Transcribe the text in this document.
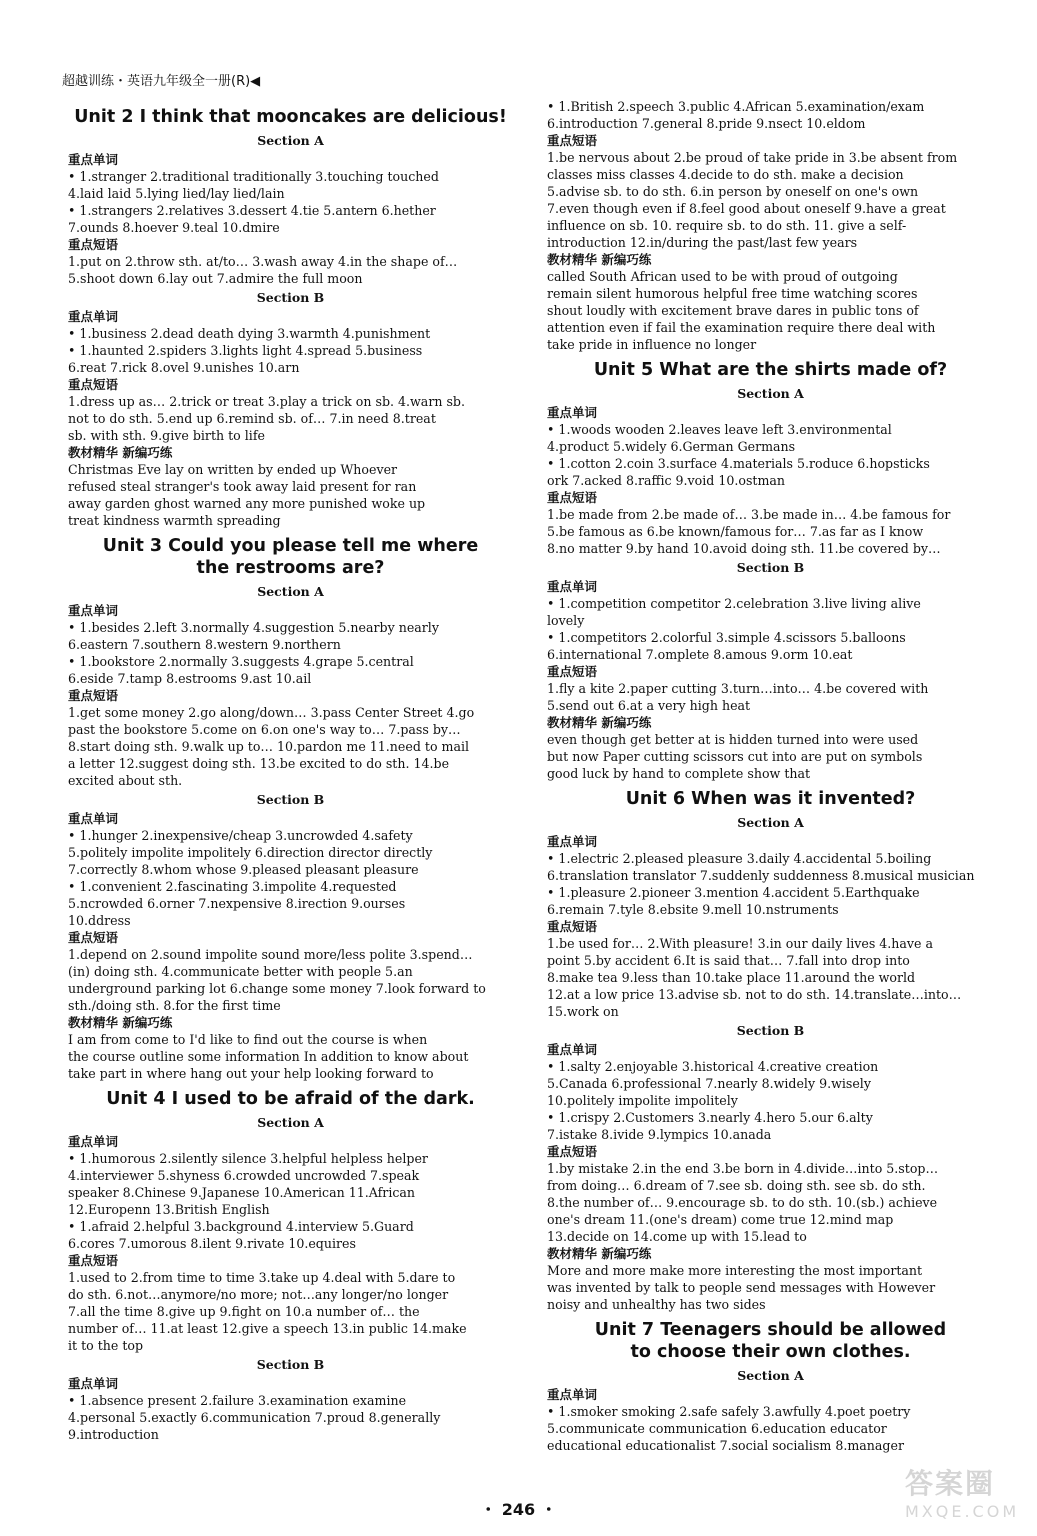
超越训练・英语九年级全一册(R)◀
Unit 2 I think that mooncakes are delicious!
Section A
重点单词
• 1.stranger 2.traditional traditionally 3.touching touched
4.laid laid 5.lying lied/lay lied/lain
• 1.strangers 2.relatives 3.dessert 4.tie 5.antern 6.hether
7.ounds 8.hoever 9.teal 10.dmire
重点短语
1.put on 2.throw sth. at/to… 3.wash away 4.in the shape of…
5.shoot down 6.lay out 7.admire the full moon
Section B
重点单词
• 1.business 2.dead death dying 3.warmth 4.punishment
• 1.haunted 2.spiders 3.lights light 4.spread 5.business
6.reat 7.rick 8.ovel 9.unishes 10.arn
重点短语
1.dress up as… 2.trick or treat 3.play a trick on sb. 4.warn sb.
not to do sth. 5.end up 6.remind sb. of… 7.in need 8.treat
sb. with sth. 9.give birth to life
教材精华 新编巧练
Christmas Eve lay on written by ended up Whoever
refused steal stranger's took away laid present for ran
away garden ghost warned any more punished woke up
treat kindness warmth spreading
Unit 3 Could you please tell me where
the restrooms are?
Section A
重点单词
• 1.besides 2.left 3.normally 4.suggestion 5.nearby nearly
6.eastern 7.southern 8.western 9.northern
• 1.bookstore 2.normally 3.suggests 4.grape 5.central
6.eside 7.tamp 8.estrooms 9.ast 10.ail
重点短语
1.get some money 2.go along/down… 3.pass Center Street 4.go
past the bookstore 5.come on 6.on one's way to… 7.pass by…
8.start doing sth. 9.walk up to… 10.pardon me 11.need to mail
a letter 12.suggest doing sth. 13.be excited to do sth. 14.be
excited about sth.
Section B
重点单词
• 1.hunger 2.inexpensive/cheap 3.uncrowded 4.safety
5.politely impolite impolitely 6.direction director directly
7.correctly 8.whom whose 9.pleased pleasant pleasure
• 1.convenient 2.fascinating 3.impolite 4.requested
5.ncrowded 6.orner 7.nexpensive 8.irection 9.ourses
10.ddress
重点短语
1.depend on 2.sound impolite sound more/less polite 3.spend…
(in) doing sth. 4.communicate better with people 5.an
underground parking lot 6.change some money 7.look forward to
sth./doing sth. 8.for the first time
教材精华 新编巧练
I am from come to I'd like to find out the course is when
the course outline some information In addition to know about
take part in where hang out your help looking forward to
Unit 4 I used to be afraid of the dark.
Section A
重点单词
• 1.humorous 2.silently silence 3.helpful helpless helper
4.interviewer 5.shyness 6.crowded uncrowded 7.speak
speaker 8.Chinese 9.Japanese 10.American 11.African
12.Europenn 13.British English
• 1.afraid 2.helpful 3.background 4.interview 5.Guard
6.cores 7.umorous 8.ilent 9.rivate 10.equires
重点短语
1.used to 2.from time to time 3.take up 4.deal with 5.dare to
do sth. 6.not…anymore/no more; not…any longer/no longer
7.all the time 8.give up 9.fight on 10.a number of… the
number of… 11.at least 12.give a speech 13.in public 14.make
it to the top
Section B
重点单词
• 1.absence present 2.failure 3.examination examine
4.personal 5.exactly 6.communication 7.proud 8.generally
9.introduction
• 1.British 2.speech 3.public 4.African 5.examination/exam
6.introduction 7.general 8.pride 9.nsect 10.eldom
重点短语
1.be nervous about 2.be proud of take pride in 3.be absent from
classes miss classes 4.decide to do sth. make a decision
5.advise sb. to do sth. 6.in person by oneself on one's own
7.even though even if 8.feel good about oneself 9.have a great
influence on sb. 10. require sb. to do sth. 11. give a self-
introduction 12.in/during the past/last few years
教材精华 新编巧练
called South African used to be with proud of outgoing
remain silent humorous helpful free time watching scores
shout loudly with excitement brave dares in public tons of
attention even if fail the examination require there deal with
take pride in influence no longer
Unit 5 What are the shirts made of?
Section A
重点单词
• 1.woods wooden 2.leaves leave left 3.environmental
4.product 5.widely 6.German Germans
• 1.cotton 2.coin 3.surface 4.materials 5.roduce 6.hopsticks
ork 7.acked 8.raffic 9.void 10.ostman
重点短语
1.be made from 2.be made of… 3.be made in… 4.be famous for
5.be famous as 6.be known/famous for… 7.as far as I know
8.no matter 9.by hand 10.avoid doing sth. 11.be covered by…
Section B
重点单词
• 1.competition competitor 2.celebration 3.live living alive
lovely
• 1.competitors 2.colorful 3.simple 4.scissors 5.balloons
6.international 7.omplete 8.amous 9.orm 10.eat
重点短语
1.fly a kite 2.paper cutting 3.turn…into… 4.be covered with
5.send out 6.at a very high heat
教材精华 新编巧练
even though get better at is hidden turned into were used
but now Paper cutting scissors cut into are put on symbols
good luck by hand to complete show that
Unit 6 When was it invented?
Section A
重点单词
• 1.electric 2.pleased pleasure 3.daily 4.accidental 5.boiling
6.translation translator 7.suddenly suddenness 8.musical musician
• 1.pleasure 2.pioneer 3.mention 4.accident 5.Earthquake
6.remain 7.tyle 8.ebsite 9.mell 10.nstruments
重点短语
1.be used for… 2.With pleasure! 3.in our daily lives 4.have a
point 5.by accident 6.It is said that… 7.fall into drop into
8.make tea 9.less than 10.take place 11.around the world
12.at a low price 13.advise sb. not to do sth. 14.translate…into…
15.work on
Section B
重点单词
• 1.salty 2.enjoyable 3.historical 4.creative creation
5.Canada 6.professional 7.nearly 8.widely 9.wisely
10.politely impolite impolitely
• 1.crispy 2.Customers 3.nearly 4.hero 5.our 6.alty
7.istake 8.ivide 9.lympics 10.anada
重点短语
1.by mistake 2.in the end 3.be born in 4.divide…into 5.stop…
from doing… 6.dream of 7.see sb. doing sth. see sb. do sth.
8.the number of… 9.encourage sb. to do sth. 10.(sb.) achieve
one's dream 11.(one's dream) come true 12.mind map
13.decide on 14.come up with 15.lead to
教材精华 新编巧练
More and more make more interesting the most important
was invented by talk to people send messages with However
noisy and unhealthy has two sides
Unit 7 Teenagers should be allowed
to choose their own clothes.
Section A
重点单词
• 1.smoker smoking 2.safe safely 3.awfully 4.poet poetry
5.communicate communication 6.education educator
educational educationalist 7.social socialism 8.manager
・ 246 ・
答案圈
MXQE.COM
